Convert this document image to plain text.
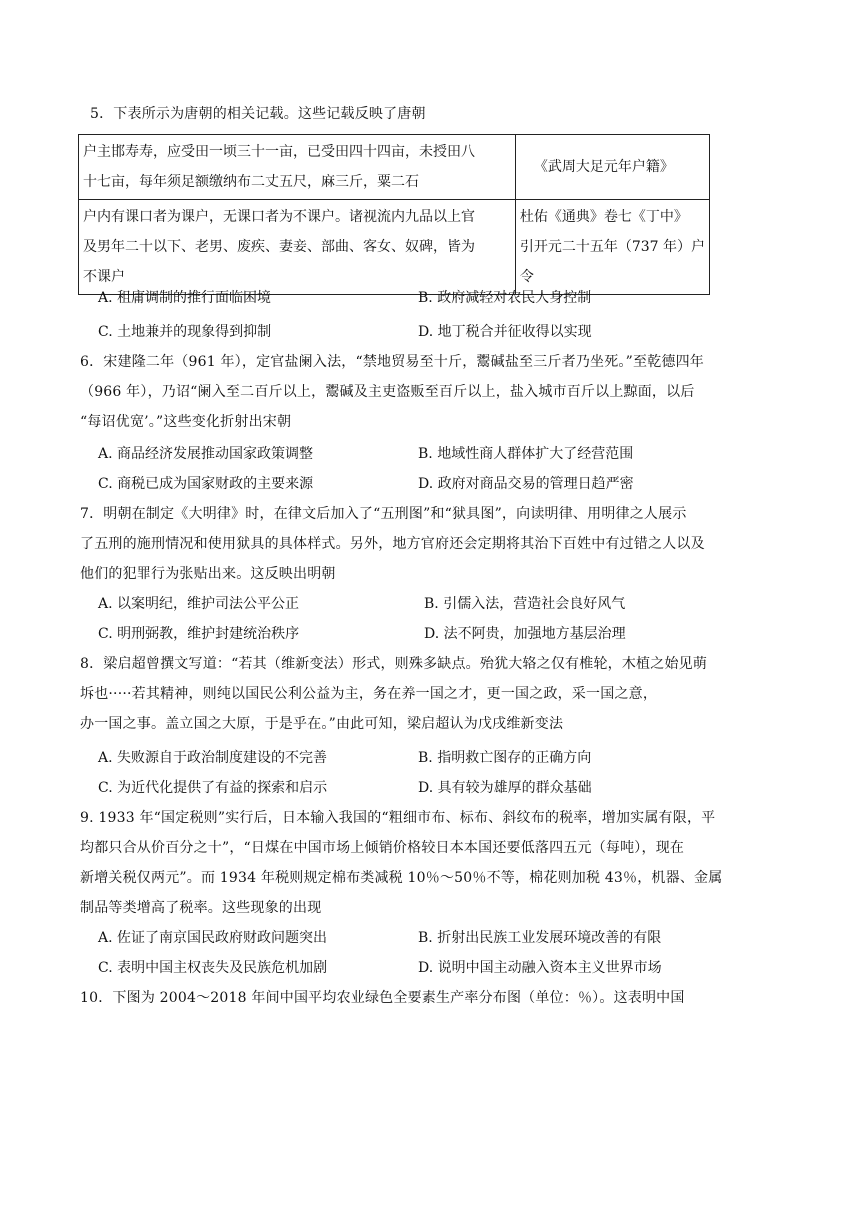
5．下表所示为唐朝的相关记载。这些记载反映了唐朝
户主邯寿寿，应受田一顷三十一亩，已受田四十四亩，未授田八
十七亩，每年须足额缴纳布二丈五尺，麻三斤，粟二石	《武周大足元年户籍》

户内有课口者为课户，无课口者为不课户。诸视流内九品以上官
及男年二十以下、老男、废疾、妻妾、部曲、客女、奴碑，皆为
不课户	杜佑《通典》卷七《丁中》
引开元二十五年（737 年）户
令
A. 租庸调制的推行面临困境	B. 政府减轻对农民人身控制
C. 土地兼并的现象得到抑制	D. 地丁税合并征收得以实现
6．宋建隆二年（961 年），定官盐阑入法，“禁地贸易至十斤，鬻碱盐至三斤者乃坐死。”至乾德四年
（966 年），乃诏“阑入至二百斤以上，鬻碱及主吏盗贩至百斤以上，盐入城市百斤以上黥面，以后
“每诏优宽’。”这些变化折射出宋朝
A. 商品经济发展推动国家政策调整	B. 地域性商人群体扩大了经营范围
C. 商税已成为国家财政的主要来源	D. 政府对商品交易的管理日趋严密
7．明朝在制定《大明律》时，在律文后加入了“五刑图”和“狱具图”，向读明律、用明律之人展示
了五刑的施刑情况和使用狱具的具体样式。另外，地方官府还会定期将其治下百姓中有过错之人以及
他们的犯罪行为张贴出来。这反映出明朝
A. 以案明纪，维护司法公平公正	B. 引儒入法，营造社会良好风气
C. 明刑弼教，维护封建统治秩序	D. 法不阿贵，加强地方基层治理
8．梁启超曾撰文写道：“若其（维新变法）形式，则殊多缺点。殆犹大辂之仅有椎轮，木植之始见萌
坼也·····若其精神，则纯以国民公利公益为主，务在养一国之才，更一国之政，采一国之意，
办一国之事。盖立国之大原，于是乎在。”由此可知，梁启超认为戊戌维新变法
A. 失败源自于政治制度建设的不完善	B. 指明救亡图存的正确方向
C. 为近代化提供了有益的探索和启示	D. 具有较为雄厚的群众基础
9. 1933 年“国定税则”实行后，日本输入我国的“粗细市布、标布、斜纹布的税率，增加实属有限，平
均都只合从价百分之十”，“日煤在中国市场上倾销价格较日本本国还要低落四五元（每吨），现在
新增关税仅两元”。而 1934 年税则规定棉布类减税 10％～50％不等，棉花则加税 43％，机器、金属
制品等类增高了税率。这些现象的出现
A. 佐证了南京国民政府财政问题突出	B. 折射出民族工业发展环境改善的有限
C. 表明中国主权丧失及民族危机加剧	D. 说明中国主动融入资本主义世界市场
10．下图为 2004～2018 年间中国平均农业绿色全要素生产率分布图（单位：％）。这表明中国
